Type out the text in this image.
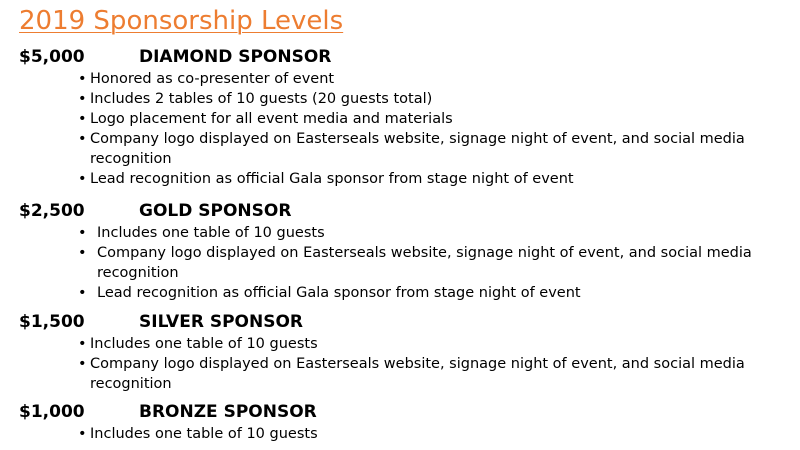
2019 Sponsorship Levels
$5,000	DIAMOND SPONSOR
• Honored as co-presenter of event
• Includes 2 tables of 10 guests (20 guests total)
• Logo placement for all event media and materials
• Company logo displayed on Easterseals website, signage night of event, and social media recognition
• Lead recognition as official Gala sponsor from stage night of event
$2,500	GOLD SPONSOR
• Includes one table of 10 guests
• Company logo displayed on Easterseals website, signage night of event, and social media recognition
• Lead recognition as official Gala sponsor from stage night of event
$1,500	SILVER SPONSOR
• Includes one table of 10 guests
• Company logo displayed on Easterseals website, signage night of event, and social media recognition
$1,000	BRONZE SPONSOR
• Includes one table of 10 guests
